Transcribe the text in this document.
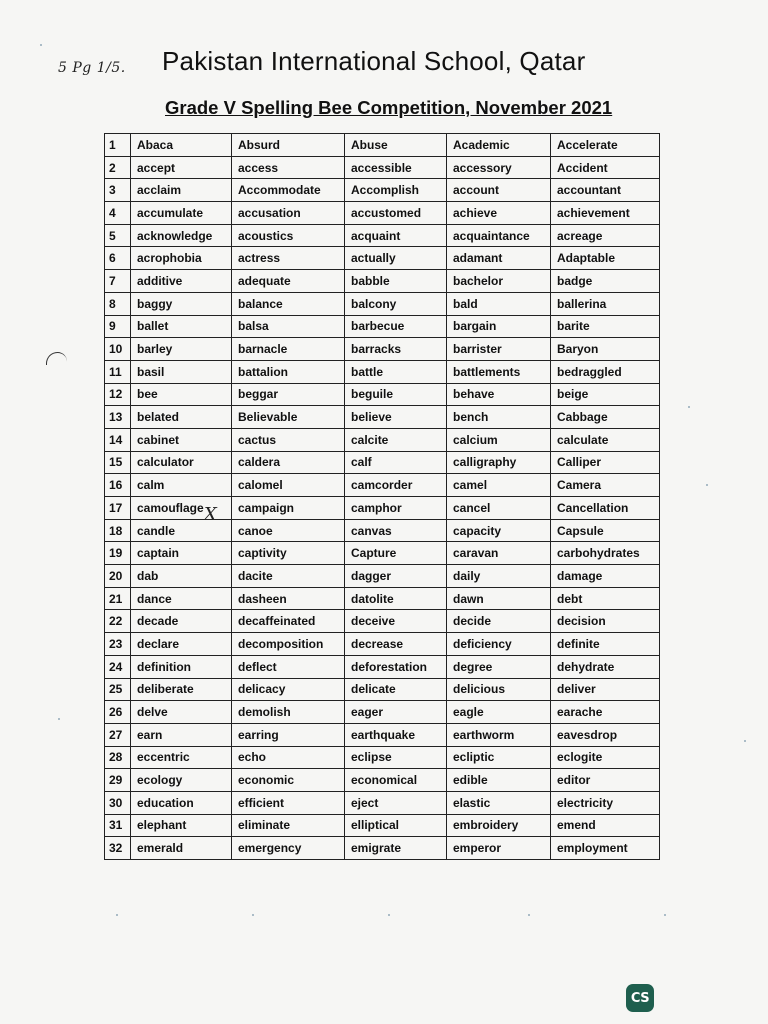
5 Pg 1/5. Pakistan International School, Qatar
Grade V Spelling Bee Competition, November 2021
1	Abaca	Absurd	Abuse	Academic	Accelerate
2	accept	access	accessible	accessory	Accident
3	acclaim	Accommodate	Accomplish	account	accountant
4	accumulate	accusation	accustomed	achieve	achievement
5	acknowledge	acoustics	acquaint	acquaintance	acreage
6	acrophobia	actress	actually	adamant	Adaptable
7	additive	adequate	babble	bachelor	badge
8	baggy	balance	balcony	bald	ballerina
9	ballet	balsa	barbecue	bargain	barite
10	barley	barnacle	barracks	barrister	Baryon
11	basil	battalion	battle	battlements	bedraggled
12	bee	beggar	beguile	behave	beige
13	belated	Believable	believe	bench	Cabbage
14	cabinet	cactus	calcite	calcium	calculate
15	calculator	caldera	calf	calligraphy	Calliper
16	calm	calomel	camcorder	camel	Camera
17	camouflage	campaign	camphor	cancel	Cancellation
18	candle	canoe	canvas	capacity	Capsule
19	captain	captivity	Capture	caravan	carbohydrates
20	dab	dacite	dagger	daily	damage
21	dance	dasheen	datolite	dawn	debt
22	decade	decaffeinated	deceive	decide	decision
23	declare	decomposition	decrease	deficiency	definite
24	definition	deflect	deforestation	degree	dehydrate
25	deliberate	delicacy	delicate	delicious	deliver
26	delve	demolish	eager	eagle	earache
27	earn	earring	earthquake	earthworm	eavesdrop
28	eccentric	echo	eclipse	ecliptic	eclogite
29	ecology	economic	economical	edible	editor
30	education	efficient	eject	elastic	electricity
31	elephant	eliminate	elliptical	embroidery	emend
32	emerald	emergency	emigrate	emperor	employment
X
CS
